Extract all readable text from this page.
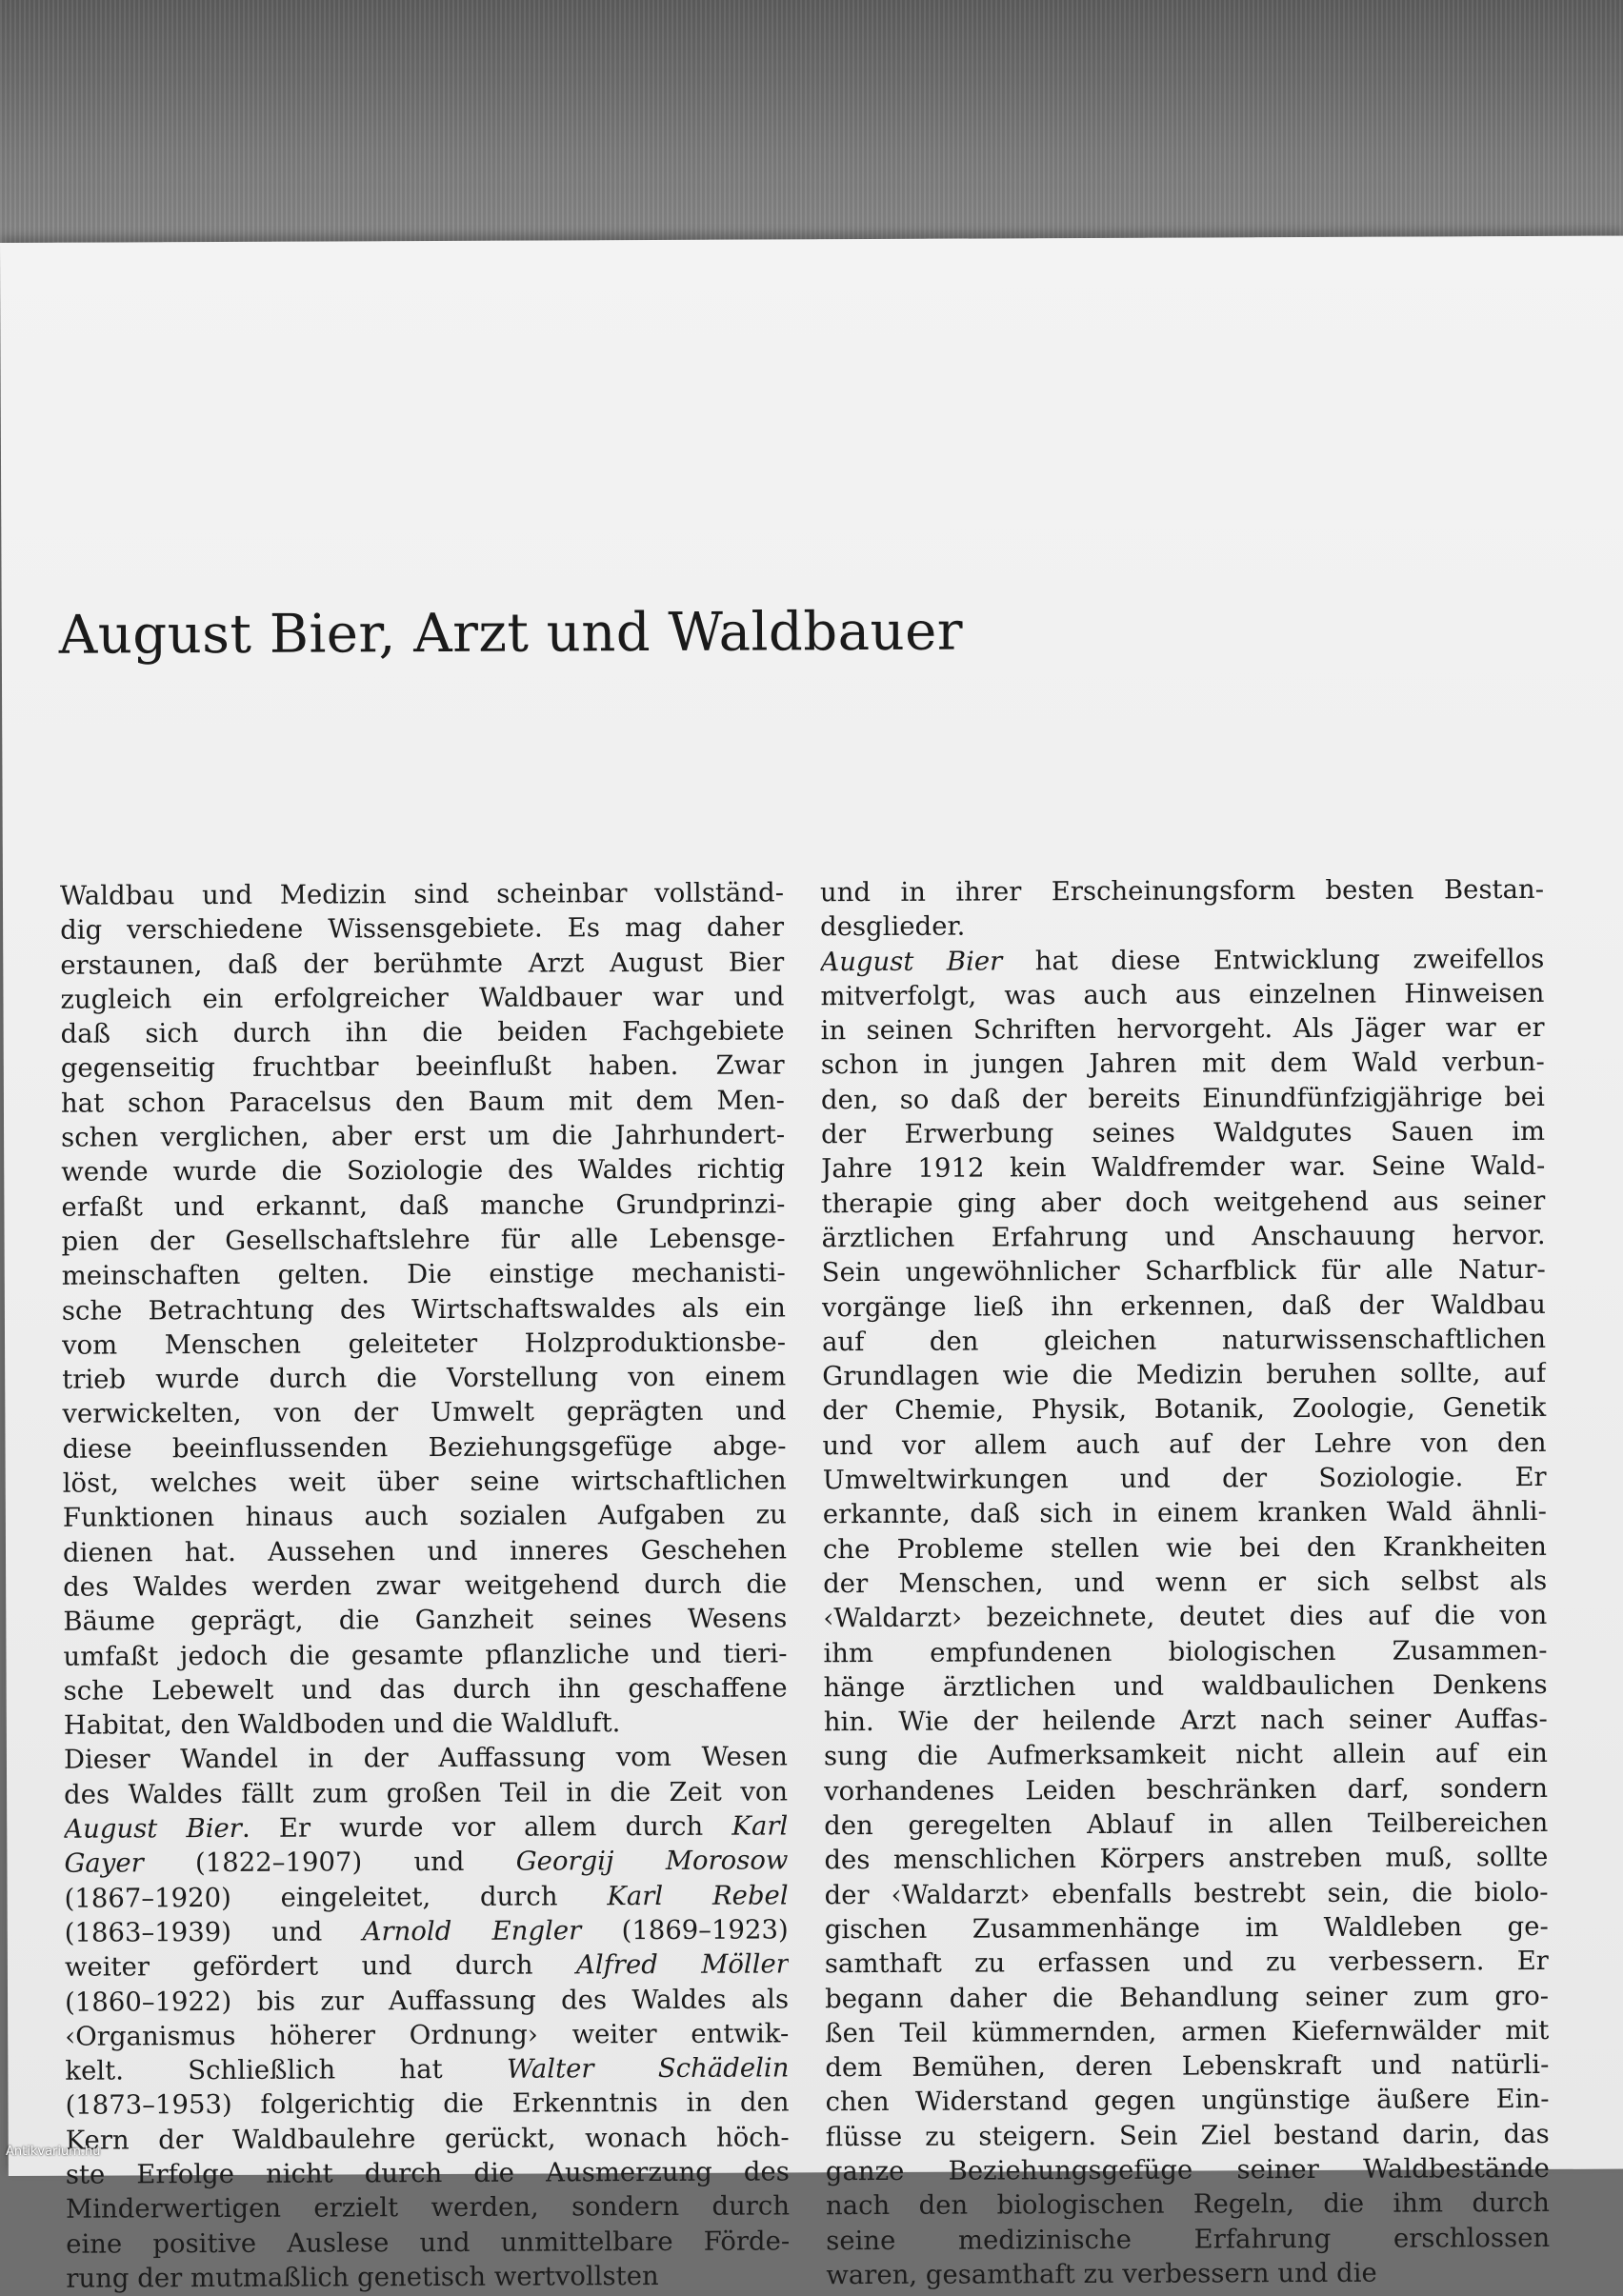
August Bier, Arzt und Waldbauer
Waldbau und Medizin sind scheinbar vollständ-
dig verschiedene Wissensgebiete. Es mag daher
erstaunen, daß der berühmte Arzt August Bier
zugleich ein erfolgreicher Waldbauer war und
daß sich durch ihn die beiden Fachgebiete
gegenseitig fruchtbar beeinflußt haben. Zwar
hat schon Paracelsus den Baum mit dem Men-
schen verglichen, aber erst um die Jahrhundert-
wende wurde die Soziologie des Waldes richtig
erfaßt und erkannt, daß manche Grundprinzi-
pien der Gesellschaftslehre für alle Lebensge-
meinschaften gelten. Die einstige mechanisti-
sche Betrachtung des Wirtschaftswaldes als ein
vom Menschen geleiteter Holzproduktionsbe-
trieb wurde durch die Vorstellung von einem
verwickelten, von der Umwelt geprägten und
diese beeinflussenden Beziehungsgefüge abge-
löst, welches weit über seine wirtschaftlichen
Funktionen hinaus auch sozialen Aufgaben zu
dienen hat. Aussehen und inneres Geschehen
des Waldes werden zwar weitgehend durch die
Bäume geprägt, die Ganzheit seines Wesens
umfaßt jedoch die gesamte pflanzliche und tieri-
sche Lebewelt und das durch ihn geschaffene
Habitat, den Waldboden und die Waldluft.
Dieser Wandel in der Auffassung vom Wesen
des Waldes fällt zum großen Teil in die Zeit von
August Bier. Er wurde vor allem durch Karl
Gayer (1822–1907) und Georgij Morosow
(1867–1920) eingeleitet, durch Karl Rebel
(1863–1939) und Arnold Engler (1869–1923)
weiter gefördert und durch Alfred Möller
(1860–1922) bis zur Auffassung des Waldes als
‹Organismus höherer Ordnung› weiter entwik-
kelt. Schließlich hat Walter Schädelin
(1873–1953) folgerichtig die Erkenntnis in den
Kern der Waldbaulehre gerückt, wonach höch-
ste Erfolge nicht durch die Ausmerzung des
Minderwertigen erzielt werden, sondern durch
eine positive Auslese und unmittelbare Förde-
rung der mutmaßlich genetisch wertvollsten
und in ihrer Erscheinungsform besten Bestan-
desglieder.
August Bier hat diese Entwicklung zweifellos
mitverfolgt, was auch aus einzelnen Hinweisen
in seinen Schriften hervorgeht. Als Jäger war er
schon in jungen Jahren mit dem Wald verbun-
den, so daß der bereits Einundfünfzigjährige bei
der Erwerbung seines Waldgutes Sauen im
Jahre 1912 kein Waldfremder war. Seine Wald-
therapie ging aber doch weitgehend aus seiner
ärztlichen Erfahrung und Anschauung hervor.
Sein ungewöhnlicher Scharfblick für alle Natur-
vorgänge ließ ihn erkennen, daß der Waldbau
auf den gleichen naturwissenschaftlichen
Grundlagen wie die Medizin beruhen sollte, auf
der Chemie, Physik, Botanik, Zoologie, Genetik
und vor allem auch auf der Lehre von den
Umweltwirkungen und der Soziologie. Er
erkannte, daß sich in einem kranken Wald ähnli-
che Probleme stellen wie bei den Krankheiten
der Menschen, und wenn er sich selbst als
‹Waldarzt› bezeichnete, deutet dies auf die von
ihm empfundenen biologischen Zusammen-
hänge ärztlichen und waldbaulichen Denkens
hin. Wie der heilende Arzt nach seiner Auffas-
sung die Aufmerksamkeit nicht allein auf ein
vorhandenes Leiden beschränken darf, sondern
den geregelten Ablauf in allen Teilbereichen
des menschlichen Körpers anstreben muß, sollte
der ‹Waldarzt› ebenfalls bestrebt sein, die biolo-
gischen Zusammenhänge im Waldleben ge-
samthaft zu erfassen und zu verbessern. Er
begann daher die Behandlung seiner zum gro-
ßen Teil kümmernden, armen Kiefernwälder mit
dem Bemühen, deren Lebenskraft und natürli-
chen Widerstand gegen ungünstige äußere Ein-
flüsse zu steigern. Sein Ziel bestand darin, das
ganze Beziehungsgefüge seiner Waldbestände
nach den biologischen Regeln, die ihm durch
seine medizinische Erfahrung erschlossen
waren, gesamthaft zu verbessern und die
Antikvarium.hu
